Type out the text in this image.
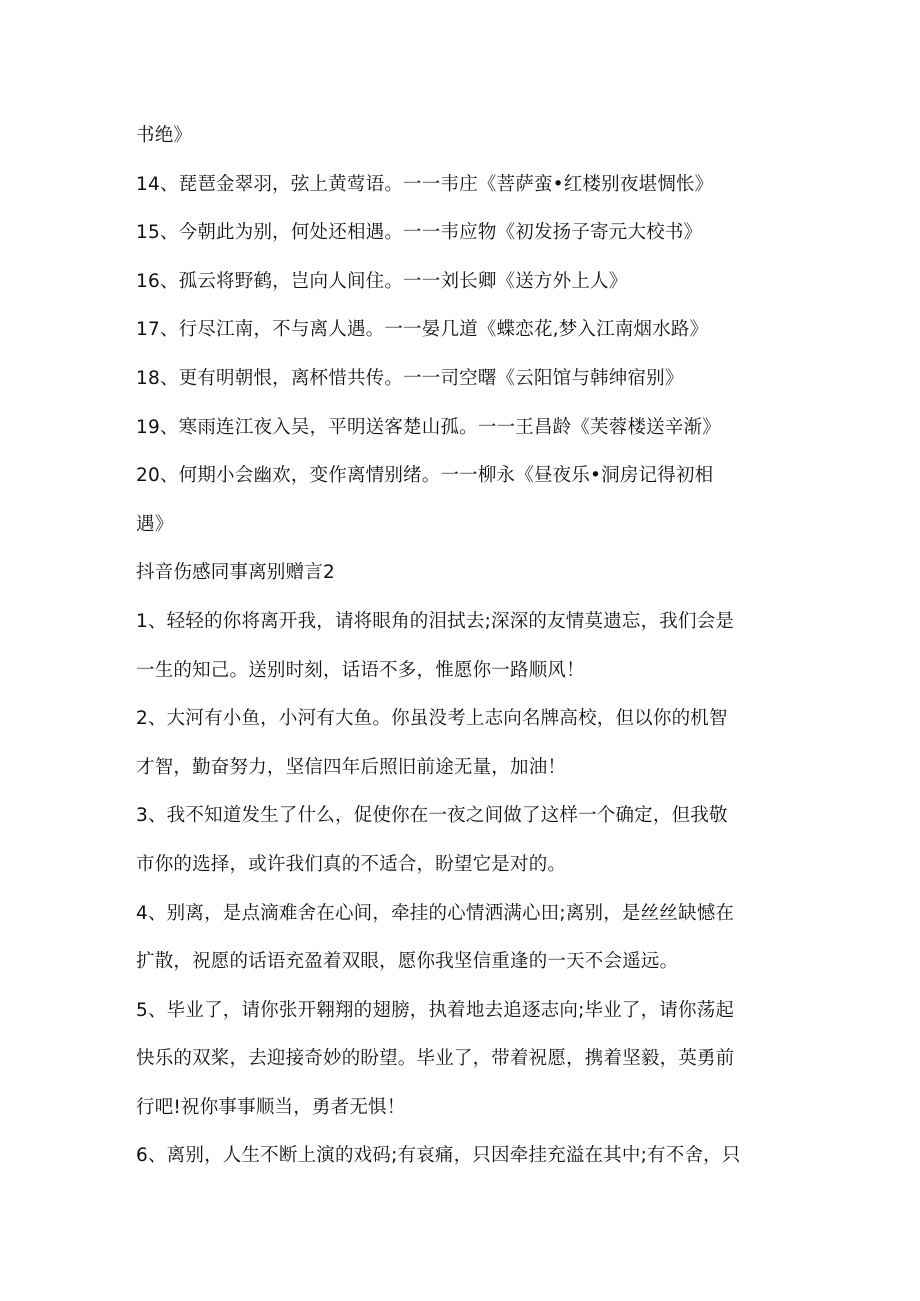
书绝》
14、琵琶金翠羽，弦上黄莺语。一一韦庄《菩萨蛮•红楼别夜堪惆怅》
15、今朝此为别，何处还相遇。一一韦应物《初发扬子寄元大校书》
16、孤云将野鹤，岂向人间住。一一刘长卿《送方外上人》
17、行尽江南，不与离人遇。一一晏几道《蝶恋花,梦入江南烟水路》
18、更有明朝恨，离杯惜共传。一一司空曙《云阳馆与韩绅宿别》
19、寒雨连江夜入吴，平明送客楚山孤。一一王昌龄《芙蓉楼送辛渐》
20、何期小会幽欢，变作离情别绪。一一柳永《昼夜乐•洞房记得初相
遇》
抖音伤感同事离别赠言2
1、轻轻的你将离开我，请将眼角的泪拭去;深深的友情莫遗忘，我们会是
一生的知己。送别时刻，话语不多，惟愿你一路顺风！
2、大河有小鱼，小河有大鱼。你虽没考上志向名牌高校，但以你的机智
才智，勤奋努力，坚信四年后照旧前途无量，加油！
3、我不知道发生了什么，促使你在一夜之间做了这样一个确定，但我敬
市你的选择，或许我们真的不适合，盼望它是对的。
4、别离，是点滴难舍在心间，牵挂的心情洒满心田;离别，是丝丝缺憾在
扩散，祝愿的话语充盈着双眼，愿你我坚信重逢的一天不会遥远。
5、毕业了，请你张开翱翔的翅膀，执着地去追逐志向;毕业了，请你荡起
快乐的双桨，去迎接奇妙的盼望。毕业了，带着祝愿，携着坚毅，英勇前
行吧!祝你事事顺当，勇者无惧！
6、离别，人生不断上演的戏码;有哀痛，只因牵挂充溢在其中;有不舍，只
